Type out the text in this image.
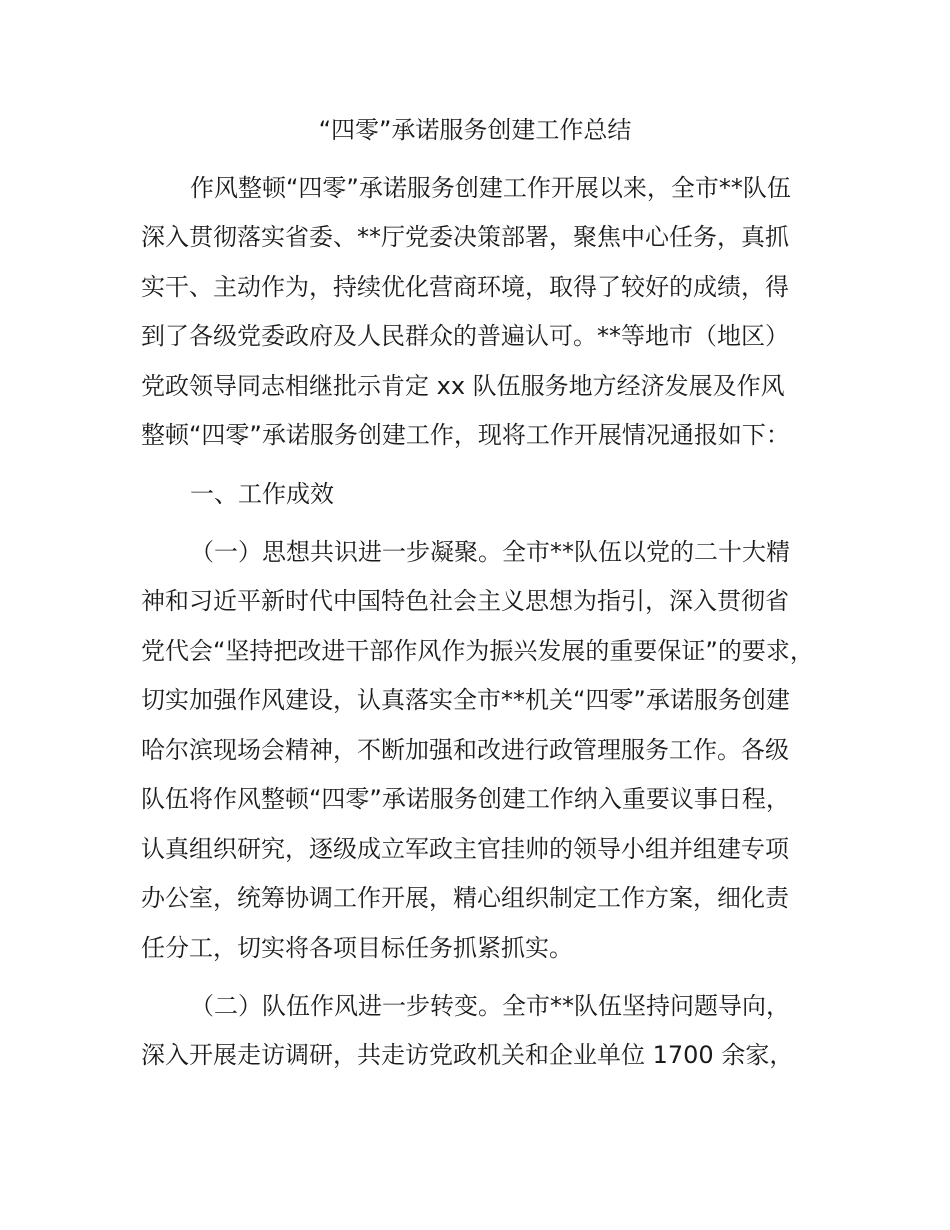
“四零”承诺服务创建工作总结
作风整顿“四零”承诺服务创建工作开展以来，全市**队伍
深入贯彻落实省委、**厅党委决策部署，聚焦中心任务，真抓
实干、主动作为，持续优化营商环境，取得了较好的成绩，得
到了各级党委政府及人民群众的普遍认可。**等地市（地区）
党政领导同志相继批示肯定 xx 队伍服务地方经济发展及作风
整顿“四零”承诺服务创建工作，现将工作开展情况通报如下：
一、工作成效
（一）思想共识进一步凝聚。全市**队伍以党的二十大精
神和习近平新时代中国特色社会主义思想为指引，深入贯彻省
党代会“坚持把改进干部作风作为振兴发展的重要保证”的要求，
切实加强作风建设，认真落实全市**机关“四零”承诺服务创建
哈尔滨现场会精神，不断加强和改进行政管理服务工作。各级
队伍将作风整顿“四零”承诺服务创建工作纳入重要议事日程，
认真组织研究，逐级成立军政主官挂帅的领导小组并组建专项
办公室，统筹协调工作开展，精心组织制定工作方案，细化责
任分工，切实将各项目标任务抓紧抓实。
（二）队伍作风进一步转变。全市**队伍坚持问题导向，
深入开展走访调研，共走访党政机关和企业单位 1700 余家，
